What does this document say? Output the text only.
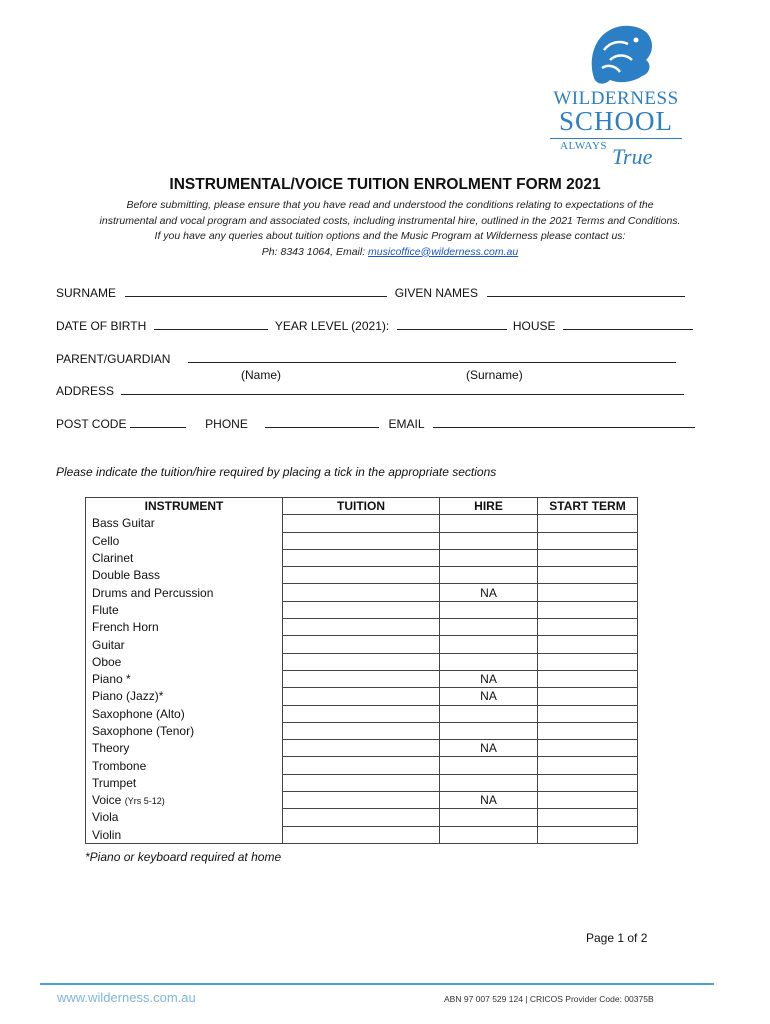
WILDERNESS
SCHOOL
ALWAYS True
INSTRUMENTAL/VOICE TUITION ENROLMENT FORM 2021
Before submitting, please ensure that you have read and understood the conditions relating to expectations of the
instrumental and vocal program and associated costs, including instrumental hire, outlined in the 2021 Terms and Conditions.
If you have any queries about tuition options and the Music Program at Wilderness please contact us:
Ph: 8343 1064, Email: musicoffice@wilderness.com.au
SURNAME	GIVEN NAMES
DATE OF BIRTH	YEAR LEVEL (2021):	HOUSE
PARENT/GUARDIAN
(Name)	(Surname)
ADDRESS
POST CODE	PHONE	EMAIL
Please indicate the tuition/hire required by placing a tick in the appropriate sections
INSTRUMENT	TUITION	HIRE	START TERM
Bass Guitar			
Cello			
Clarinet			
Double Bass			
Drums and Percussion		NA	
Flute			
French Horn			
Guitar			
Oboe			
Piano *		NA	
Piano (Jazz)*		NA	
Saxophone (Alto)			
Saxophone (Tenor)			
Theory		NA	
Trombone			
Trumpet			
Voice (Yrs 5-12)		NA	
Viola			
Violin			
*Piano or keyboard required at home
Page 1 of 2
www.wilderness.com.au	ABN 97 007 529 124 | CRICOS Provider Code: 00375B
